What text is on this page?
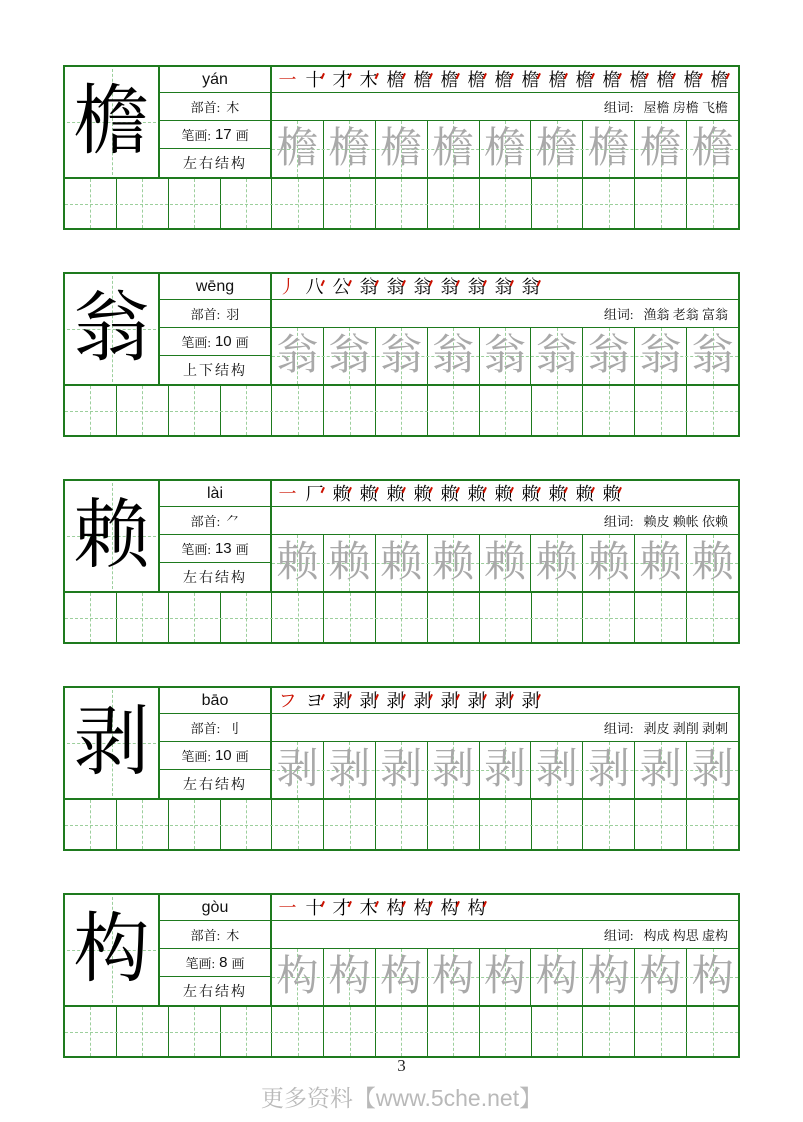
檐
yán
部首: 木
笔画: 17 画
左右结构
一 十 才 木 檐 檐 檐 檐 檐 檐 檐 檐 檐 檐 檐 檐 檐
组词: 屋檐 房檐 飞檐
檐 檐 檐 檐 檐 檐 檐 檐 檐
翁
wēng
部首: 羽
笔画: 10 画
上下结构
丿 八 公 翁 翁 翁 翁 翁 翁 翁
组词: 渔翁 老翁 富翁
翁 翁 翁 翁 翁 翁 翁 翁 翁
赖
lài
部首: ⺈
笔画: 13 画
左右结构
一 厂 赖 赖 赖 赖 赖 赖 赖 赖 赖 赖 赖
组词: 赖皮 赖帐 依赖
赖 赖 赖 赖 赖 赖 赖 赖 赖
剥
bāo
部首: 刂
笔画: 10 画
左右结构
フ ヨ 剥 剥 剥 剥 剥 剥 剥 剥
组词: 剥皮 剥削 剥刺
剥 剥 剥 剥 剥 剥 剥 剥 剥
构
gòu
部首: 木
笔画: 8 画
左右结构
一 十 才 木 构 构 构 构
组词: 构成 构思 虚构
构 构 构 构 构 构 构 构 构
3
更多资料【www.5che.net】
